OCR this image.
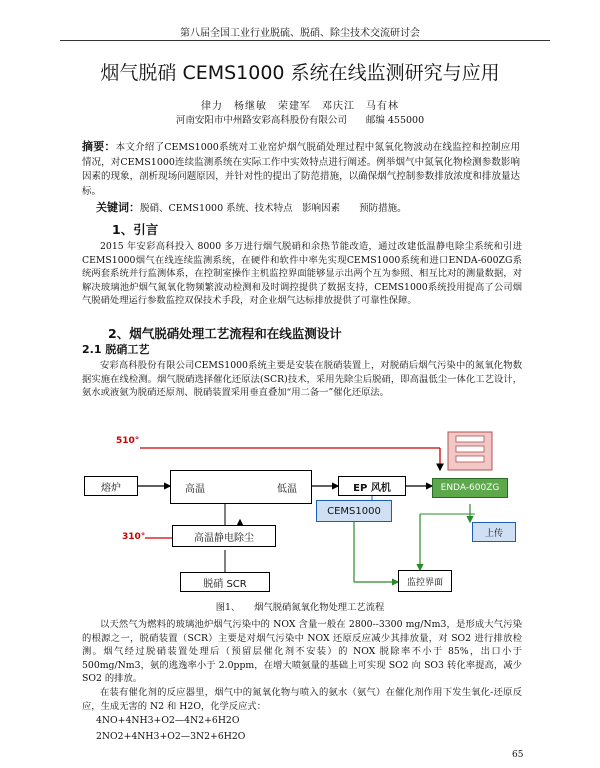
第八届全国工业行业脱硫、脱硝、除尘技术交流研讨会
烟气脱硝 CEMS1000 系统在线监测研究与应用
律力　杨继敏　荣建军　邓庆江　马有林
河南安阳市中州路安彩高科股份有限公司　　邮编 455000
摘要：本文介绍了CEMS1000系统对工业窑炉烟气脱硝处理过程中氮氧化物波动在线监控和控制应用情况，对CEMS1000连续监测系统在实际工作中实效特点进行阐述。例举烟气中氮氧化物检测参数影响因素的现象，剖析现场问题原因，并针对性的提出了防范措施，以确保烟气控制参数排放浓度和排放量达标。
关键词：脱硝、CEMS1000 系统、技术特点　影响因素　　预防措施。
1、引言
2015 年安彩高科投入 8000 多万进行烟气脱硝和余热节能改造，通过改建低温静电除尘系统和引进CEMS1000烟气在线连续监测系统，在硬件和软件中率先实现CEMS1000系统和进口ENDA-600ZG系统两套系统并行监测体系，在控制室操作主机监控界面能够显示出两个互为参照、相互比对的测量数据，对解决玻璃池炉烟气氮氧化物频繁波动检测和及时调控提供了数据支持，CEMS1000系统投用提高了公司烟气脱硝处理运行参数监控双保技术手段，对企业烟气达标排放提供了可靠性保障。
2、烟气脱硝处理工艺流程和在线监测设计
2.1 脱硝工艺
安彩高科股份有限公司CEMS1000系统主要是安装在脱硝装置上，对脱硝后烟气污染中的氮氧化物数据实施在线检测。烟气脱硝选择催化还原法(SCR)技术，采用先除尘后脱硝，即高温低尘一体化工艺设计，氨水或液氨为脱硝还原剂、脱硝装置采用垂直叠加“用二备一”催化还原法。
510°
310°
熔炉	高温	低温	EP 风机
CEMS1000
ENDA-600ZG
高温静电除尘
脱硝 SCR
上传
监控界面
图1、　　烟气脱硝氮氧化物处理工艺流程
以天然气为燃料的玻璃池炉烟气污染中的 NOX 含量一般在 2800--3300 mg/Nm3，是形成大气污染的根源之一，脱硝装置（SCR）主要是对烟气污染中 NOX 还原反应减少其排放量，对 SO2 进行排放检测。烟气经过脱硝装置处理后（预留层催化剂不安装）的 NOX 脱除率不小于 85%，出口小于 500mg/Nm3，氨的逃逸率小于 2.0ppm，在增大喷氨量的基础上可实现 SO2 向 SO3 转化率提高，减少 SO2 的排放。
在装有催化剂的反应器里，烟气中的氮氧化物与喷入的氨水（氨气）在催化剂作用下发生氧化-还原反应，生成无害的 N2 和 H2O，化学反应式：
4NO+4NH3+O2—4N2+6H2O
2NO2+4NH3+O2—3N2+6H2O
65
